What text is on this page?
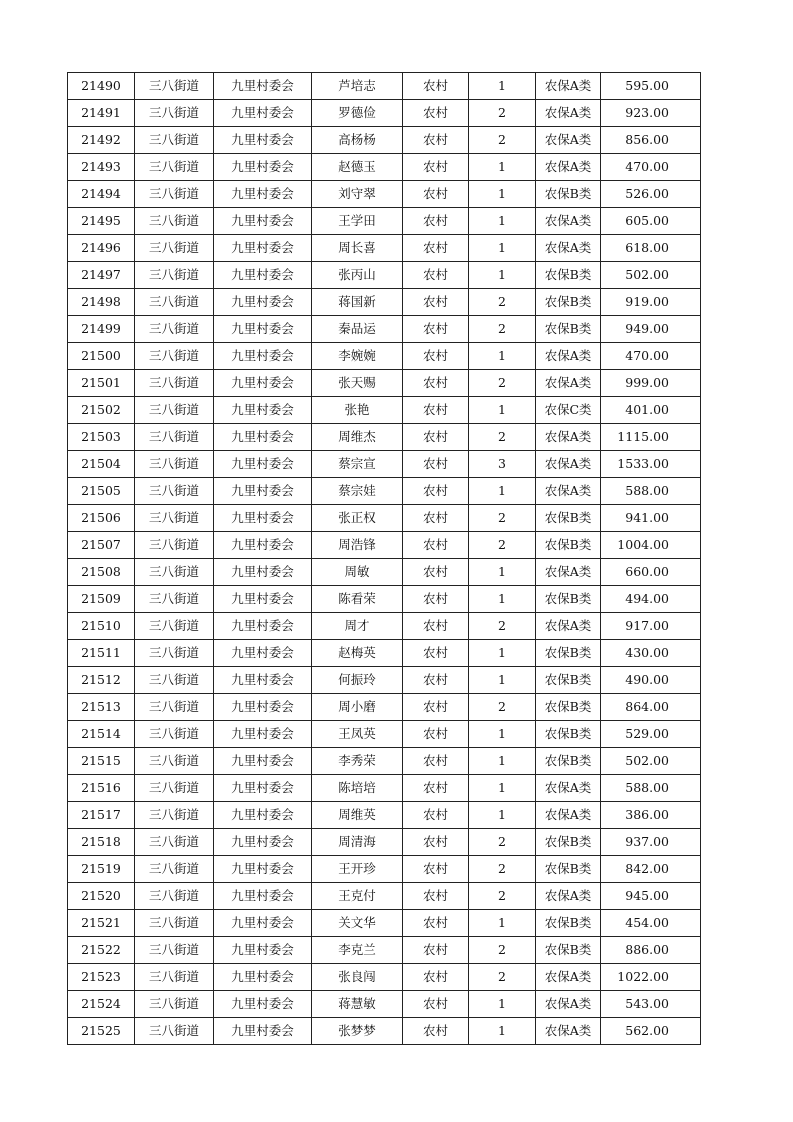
21490	三八街道	九里村委会	芦培志	农村	1	农保A类	595.00
21491	三八街道	九里村委会	罗德俭	农村	2	农保A类	923.00
21492	三八街道	九里村委会	高杨杨	农村	2	农保A类	856.00
21493	三八街道	九里村委会	赵德玉	农村	1	农保A类	470.00
21494	三八街道	九里村委会	刘守翠	农村	1	农保B类	526.00
21495	三八街道	九里村委会	王学田	农村	1	农保A类	605.00
21496	三八街道	九里村委会	周长喜	农村	1	农保A类	618.00
21497	三八街道	九里村委会	张丙山	农村	1	农保B类	502.00
21498	三八街道	九里村委会	蒋国新	农村	2	农保B类	919.00
21499	三八街道	九里村委会	秦品运	农村	2	农保B类	949.00
21500	三八街道	九里村委会	李婉婉	农村	1	农保A类	470.00
21501	三八街道	九里村委会	张天赐	农村	2	农保A类	999.00
21502	三八街道	九里村委会	张艳	农村	1	农保C类	401.00
21503	三八街道	九里村委会	周维杰	农村	2	农保A类	1115.00
21504	三八街道	九里村委会	蔡宗宣	农村	3	农保A类	1533.00
21505	三八街道	九里村委会	蔡宗娃	农村	1	农保A类	588.00
21506	三八街道	九里村委会	张正权	农村	2	农保B类	941.00
21507	三八街道	九里村委会	周浩锋	农村	2	农保B类	1004.00
21508	三八街道	九里村委会	周敏	农村	1	农保A类	660.00
21509	三八街道	九里村委会	陈看荣	农村	1	农保B类	494.00
21510	三八街道	九里村委会	周才	农村	2	农保A类	917.00
21511	三八街道	九里村委会	赵梅英	农村	1	农保B类	430.00
21512	三八街道	九里村委会	何振玲	农村	1	农保B类	490.00
21513	三八街道	九里村委会	周小磨	农村	2	农保B类	864.00
21514	三八街道	九里村委会	王凤英	农村	1	农保B类	529.00
21515	三八街道	九里村委会	李秀荣	农村	1	农保B类	502.00
21516	三八街道	九里村委会	陈培培	农村	1	农保A类	588.00
21517	三八街道	九里村委会	周维英	农村	1	农保A类	386.00
21518	三八街道	九里村委会	周清海	农村	2	农保B类	937.00
21519	三八街道	九里村委会	王开珍	农村	2	农保B类	842.00
21520	三八街道	九里村委会	王克付	农村	2	农保A类	945.00
21521	三八街道	九里村委会	关文华	农村	1	农保B类	454.00
21522	三八街道	九里村委会	李克兰	农村	2	农保B类	886.00
21523	三八街道	九里村委会	张良闯	农村	2	农保A类	1022.00
21524	三八街道	九里村委会	蒋慧敏	农村	1	农保A类	543.00
21525	三八街道	九里村委会	张梦梦	农村	1	农保A类	562.00
